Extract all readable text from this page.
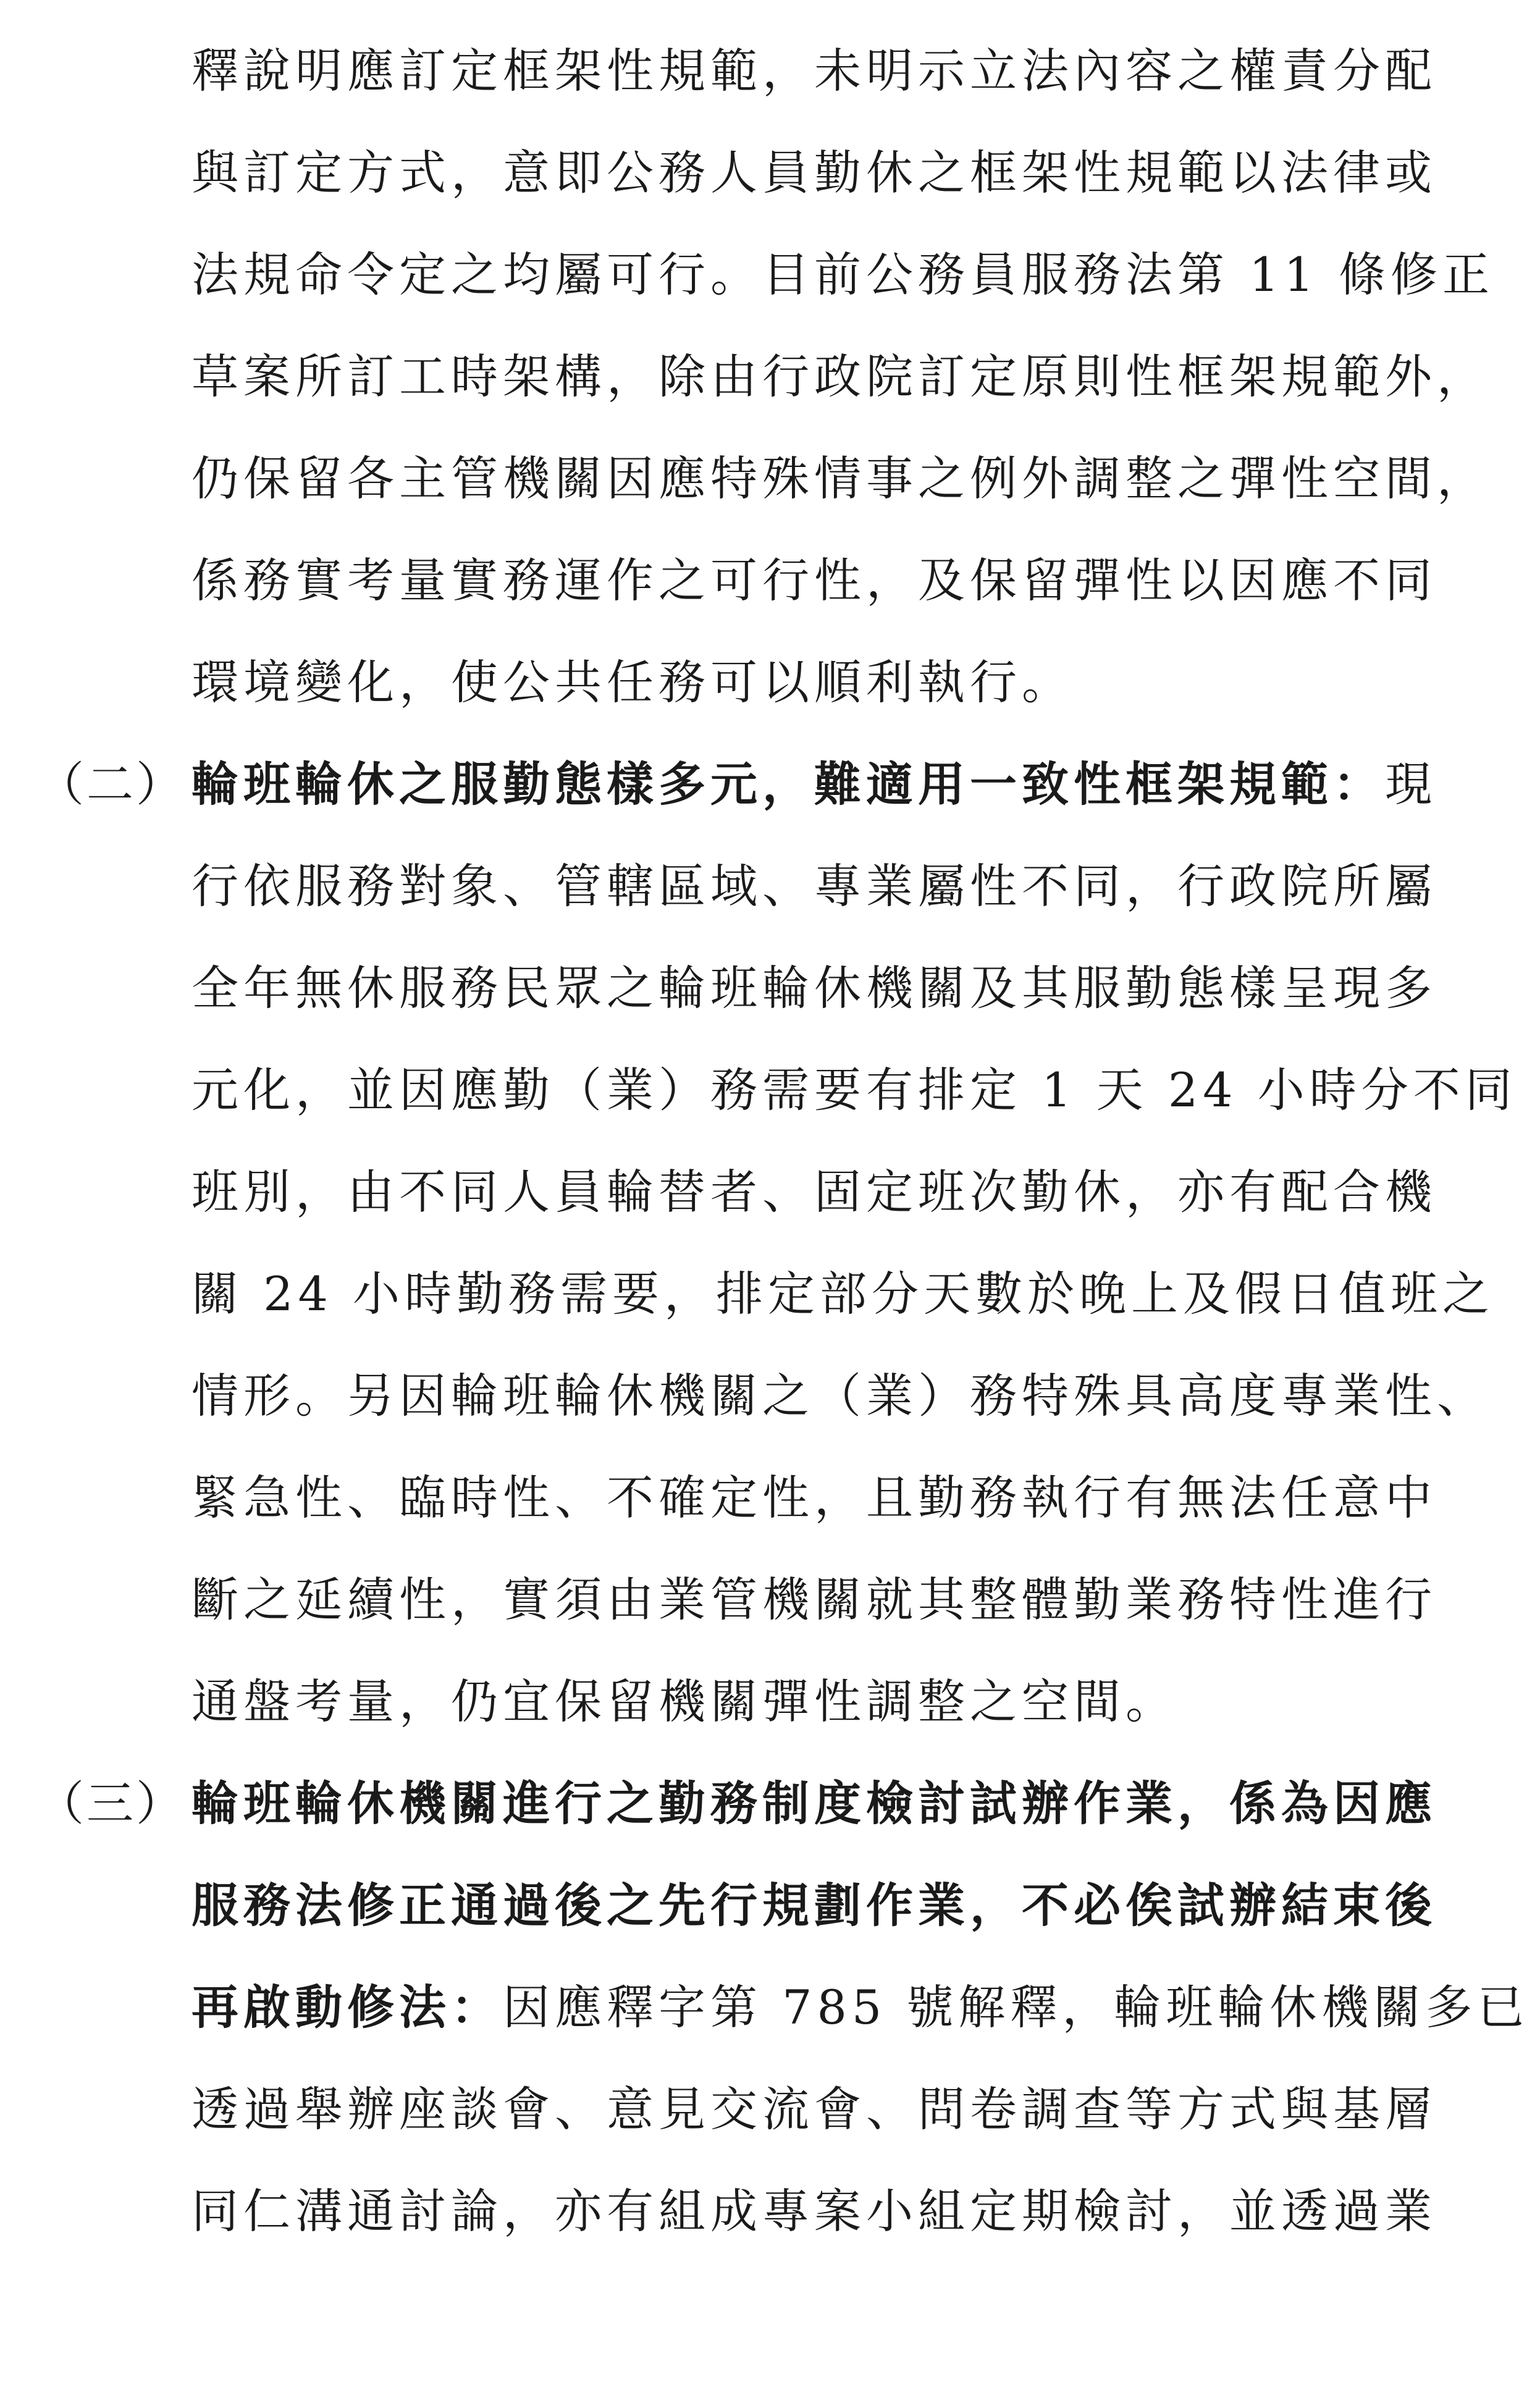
釋說明應訂定框架性規範，未明示立法內容之權責分配
與訂定方式，意即公務人員勤休之框架性規範以法律或
法規命令定之均屬可行。目前公務員服務法第 11 條修正
草案所訂工時架構，除由行政院訂定原則性框架規範外，
仍保留各主管機關因應特殊情事之例外調整之彈性空間，
係務實考量實務運作之可行性，及保留彈性以因應不同
環境變化，使公共任務可以順利執行。
（二） 輪班輪休之服勤態樣多元，難適用一致性框架規範：現
行依服務對象、管轄區域、專業屬性不同，行政院所屬
全年無休服務民眾之輪班輪休機關及其服勤態樣呈現多
元化，並因應勤（業）務需要有排定 1 天 24 小時分不同
班別，由不同人員輪替者、固定班次勤休，亦有配合機
關 24 小時勤務需要，排定部分天數於晚上及假日值班之
情形。另因輪班輪休機關之（業）務特殊具高度專業性、
緊急性、臨時性、不確定性，且勤務執行有無法任意中
斷之延續性，實須由業管機關就其整體勤業務特性進行
通盤考量，仍宜保留機關彈性調整之空間。
（三） 輪班輪休機關進行之勤務制度檢討試辦作業，係為因應
服務法修正通過後之先行規劃作業，不必俟試辦結束後
再啟動修法：因應釋字第 785 號解釋，輪班輪休機關多已
透過舉辦座談會、意見交流會、問卷調查等方式與基層
同仁溝通討論，亦有組成專案小組定期檢討，並透過業
